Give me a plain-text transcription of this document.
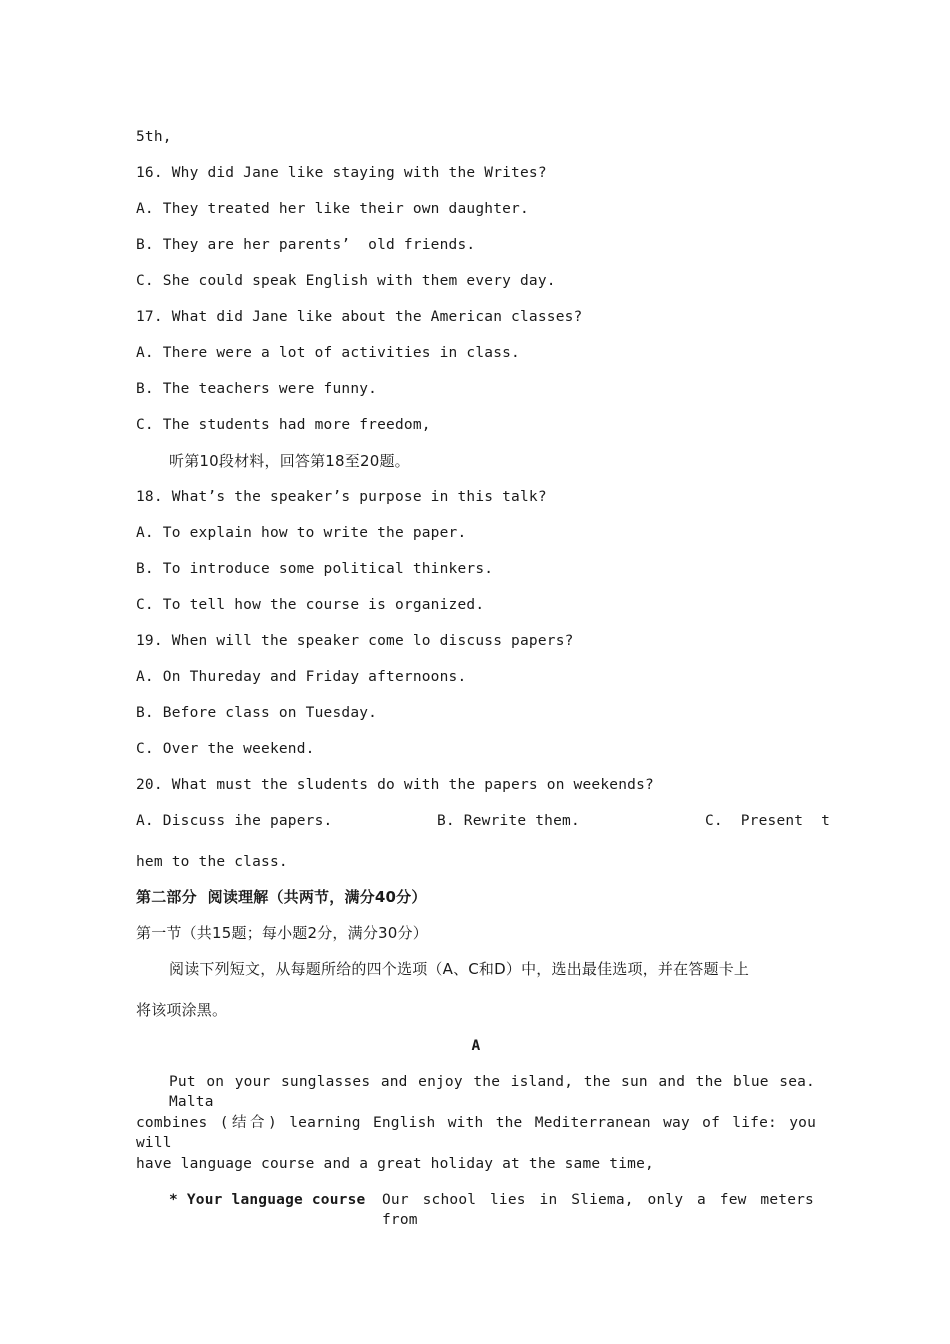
5th,
16. Why did Jane like staying with the Writes?
A. They treated her like their own daughter.
B. They are her parents’  old friends.
C. She could speak English with them every day.
17. What did Jane like about the American classes?
A. There were a lot of activities in class.
B. The teachers were funny.
C. The students had more freedom,
听第10段材料，回答第18至20题。
18. What’s the speaker’s purpose in this talk?
A. To explain how to write the paper.
B. To introduce some political thinkers.
C. To tell how the course is organized.
19. When will the speaker come lo discuss papers?
A. On Thureday and Friday afternoons.
B. Before class on Tuesday.
C. Over the weekend.
20. What must the sludents do with the papers on weekends?
A. Discuss ihe papers.	B. Rewrite them.	C.  Present  t
hem to the class.
第二部分  阅读理解（共两节，满分40分）
第一节（共15题；每小题2分，满分30分）
阅读下列短文，从每题所给的四个选项（A、C和D）中，选出最佳选项，并在答题卡上
将该项涂黑。
A
Put on your sunglasses and enjoy the island, the sun and the blue sea. Malta
combines (结合) learning English with the Mediterranean way of life: you will
have language course and a great holiday at the same time,
* Your language course Our school lies in Sliema, only a few meters from
